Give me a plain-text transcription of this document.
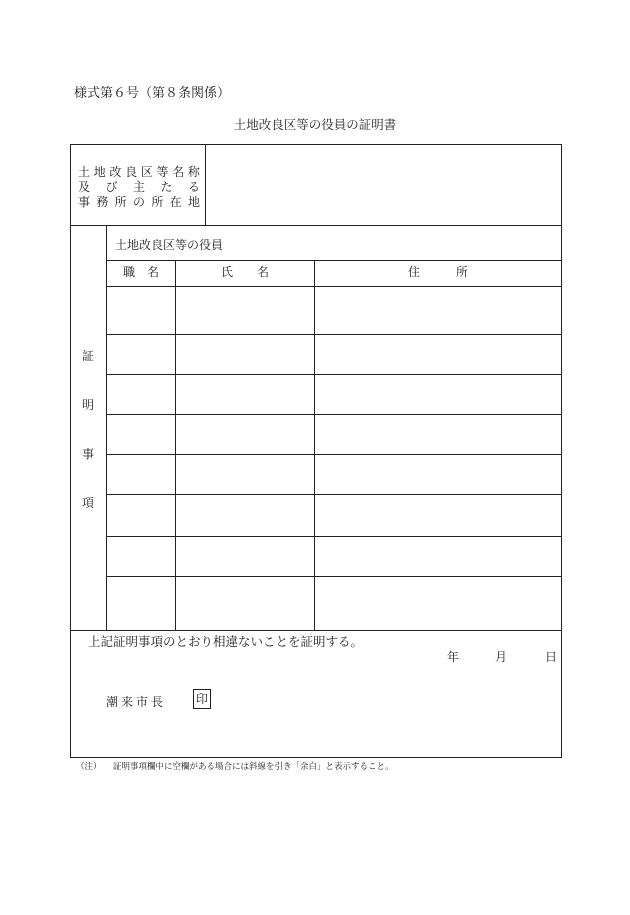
様式第６号（第８条関係）
土地改良区等の役員の証明書
土 地 改 良 区 等 名 称
及 び 主 た る
事 務 所 の 所 在 地
証
明
事
項
土地改良区等の役員
職　名	氏　　名	住　　　所
上記証明事項のとおり相違ないことを証明する。
年	月	日
潮来市長 印
（注） 証明事項欄中に空欄がある場合には斜線を引き「余白」と表示すること。
